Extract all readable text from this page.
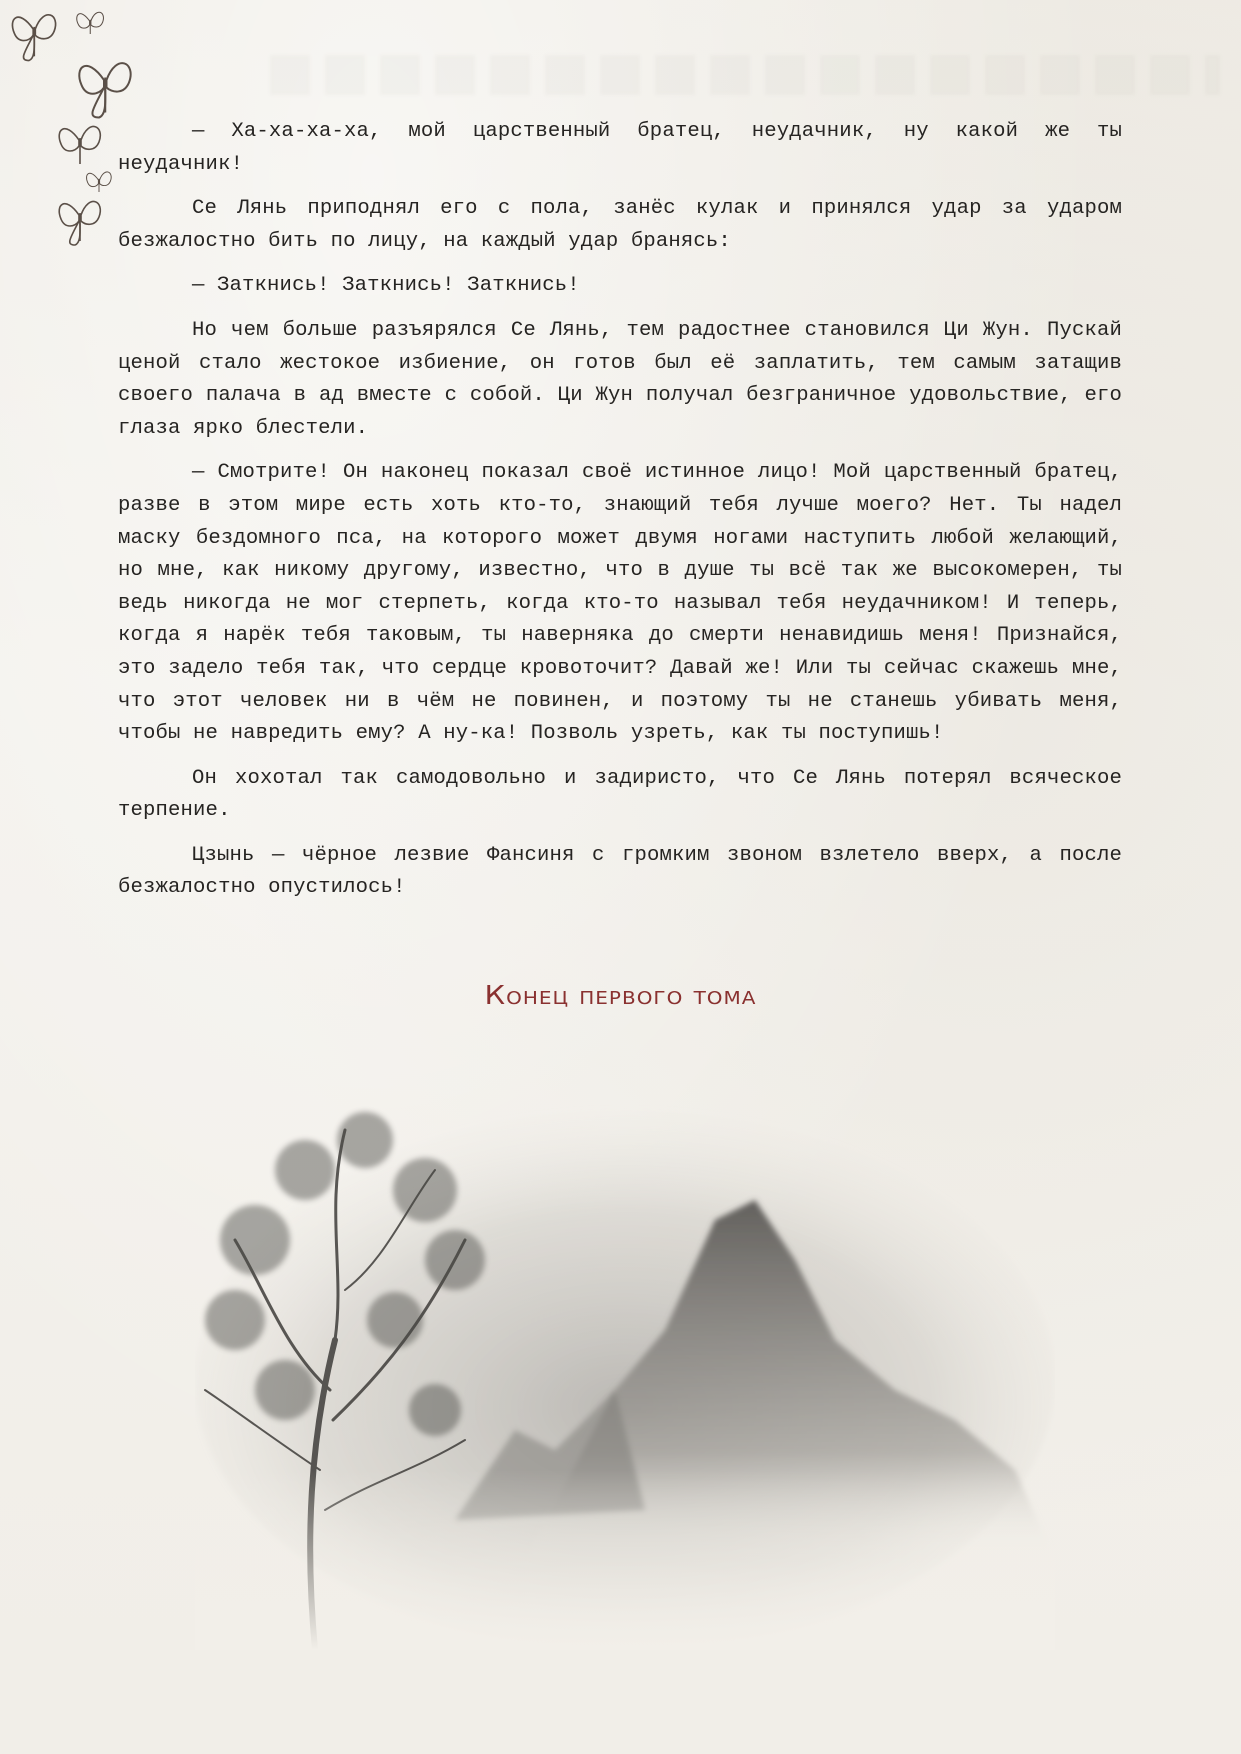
— Ха-ха-ха-ха, мой царственный братец, неудачник, ну какой же ты неудачник!

Се Лянь приподнял его с пола, занёс кулак и принялся удар за ударом безжалостно бить по лицу, на каждый удар бранясь:

— Заткнись! Заткнись! Заткнись!

Но чем больше разъярялся Се Лянь, тем радостнее становился Ци Жун. Пускай ценой стало жестокое избиение, он готов был её заплатить, тем самым затащив своего палача в ад вместе с собой. Ци Жун получал безграничное удовольствие, его глаза ярко блестели.

— Смотрите! Он наконец показал своё истинное лицо! Мой царственный братец, разве в этом мире есть хоть кто-то, знающий тебя лучше моего? Нет. Ты надел маску бездомного пса, на которого может двумя ногами наступить любой желающий, но мне, как никому другому, известно, что в душе ты всё так же высокомерен, ты ведь никогда не мог стерпеть, когда кто-то называл тебя неудачником! И теперь, когда я нарёк тебя таковым, ты наверняка до смерти ненавидишь меня! Признайся, это задело тебя так, что сердце кровоточит? Давай же! Или ты сейчас скажешь мне, что этот человек ни в чём не повинен, и поэтому ты не станешь убивать меня, чтобы не навредить ему? А ну-ка! Позволь узреть, как ты поступишь!

Он хохотал так самодовольно и задиристо, что Се Лянь потерял всяческое терпение.

Цзынь — чёрное лезвие Фансиня с громким звоном взлетело вверх, а после безжалостно опустилось!

Конец первого тома
